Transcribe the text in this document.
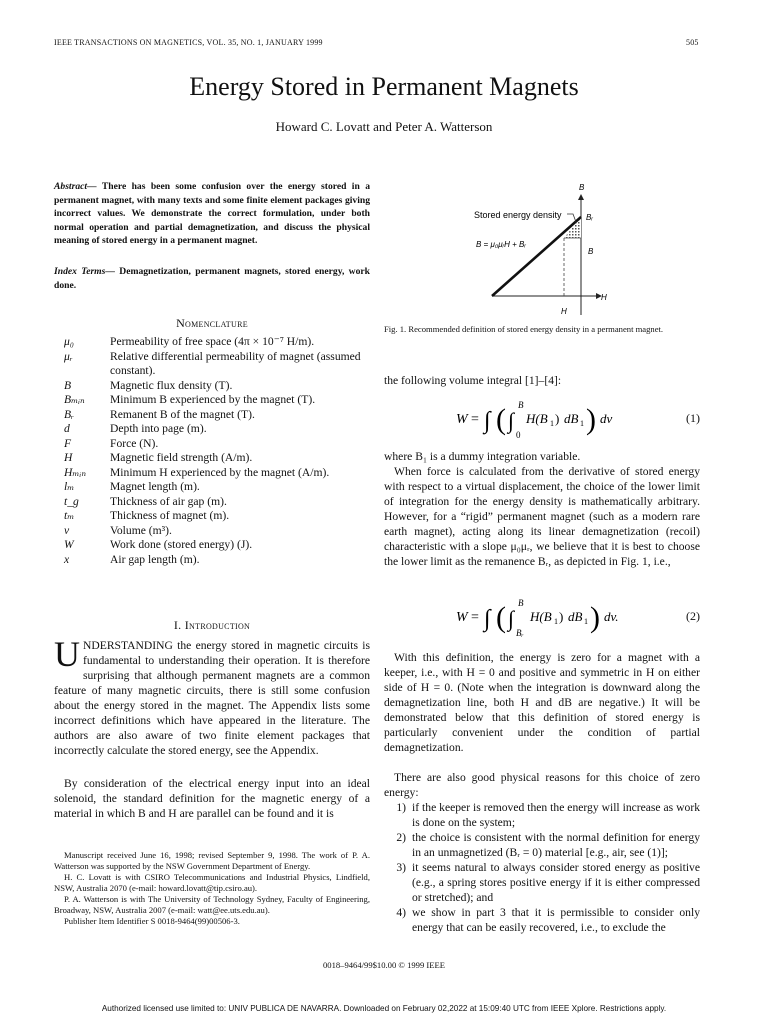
IEEE TRANSACTIONS ON MAGNETICS, VOL. 35, NO. 1, JANUARY 1999	505
Energy Stored in Permanent Magnets
Howard C. Lovatt and Peter A. Watterson
Abstract— There has been some confusion over the energy stored in a permanent magnet, with many texts and some finite element packages giving incorrect values. We demonstrate the correct formulation, under both normal operation and partial demagnetization, and discuss the physical meaning of stored energy in a permanent magnet.
Index Terms— Demagnetization, permanent magnets, stored energy, work done.
Nomenclature
μ₀	Permeability of free space (4π × 10⁻⁷ H/m).
μᵣ	Relative differential permeability of magnet (assumed constant).
B	Magnetic flux density (T).
Bₘᵢₙ	Minimum B experienced by the magnet (T).
Bᵣ	Remanent B of the magnet (T).
d	Depth into page (m).
F	Force (N).
H	Magnetic field strength (A/m).
Hₘᵢₙ	Minimum H experienced by the magnet (A/m).
lₘ	Magnet length (m).
t_g	Thickness of air gap (m).
tₘ	Thickness of magnet (m).
v	Volume (m³).
W	Work done (stored energy) (J).
x	Air gap length (m).
I. Introduction
UNDERSTANDING the energy stored in magnetic circuits is fundamental to understanding their operation. It is therefore surprising that although permanent magnets are a common feature of many magnetic circuits, there is still some confusion about the energy stored in the magnet. The Appendix lists some incorrect definitions which have appeared in the literature. The authors are also aware of two finite element packages that incorrectly calculate the stored energy, see the Appendix.
By consideration of the electrical energy input into an ideal solenoid, the standard definition for the magnetic energy of a material in which B and H are parallel can be found and it is
Manuscript received June 16, 1998; revised September 9, 1998. The work of P. A. Watterson was supported by the NSW Government Department of Energy.
H. C. Lovatt is with CSIRO Telecommunications and Industrial Physics, Lindfield, NSW, Australia 2070 (e-mail: howard.lovatt@tip.csiro.au).
P. A. Watterson is with The University of Technology Sydney, Faculty of Engineering, Broadway, NSW, Australia 2007 (e-mail: watt@ee.uts.edu.au).
Publisher Item Identifier S 0018-9464(99)00506-3.
B
H
H
Bᵣ
B
Stored energy density
B = μ₀μᵣH + Bᵣ
Fig. 1. Recommended definition of stored energy density in a permanent magnet.
the following volume integral [1]–[4]:
W = ∫ ( ∫
B
0
H(B 1 ) dB 1 ) dv	(1)
where B₁ is a dummy integration variable.
When force is calculated from the derivative of stored energy with respect to a virtual displacement, the choice of the lower limit of integration for the energy density is mathematically arbitrary. However, for a “rigid” permanent magnet (such as a modern rare earth magnet), acting along its linear demagnetization (recoil) characteristic with a slope μ₀μᵣ, we believe that it is best to choose the lower limit as the remanence Bᵣ, as depicted in Fig. 1, i.e.,
W = ∫ ( ∫
B
Bᵣ
H(B 1 ) dB 1 ) dv.	(2)
With this definition, the energy is zero for a magnet with a keeper, i.e., with H = 0 and positive and symmetric in H on either side of H = 0. (Note when the integration is downward along the demagnetization line, both H and dB are negative.) It will be demonstrated below that this definition of stored energy is particularly convenient under the condition of partial demagnetization.
There are also good physical reasons for this choice of zero energy:
1) if the keeper is removed then the energy will increase as work is done on the system;
2) the choice is consistent with the normal definition for energy in an unmagnetized (Bᵣ = 0) material [e.g., air, see (1)];
3) it seems natural to always consider stored energy as positive (e.g., a spring stores positive energy if it is either compressed or stretched); and
4) we show in part 3 that it is permissible to consider only energy that can be easily recovered, i.e., to exclude the
0018–9464/99$10.00 © 1999 IEEE
Authorized licensed use limited to: UNIV PUBLICA DE NAVARRA. Downloaded on February 02,2022 at 15:09:40 UTC from IEEE Xplore. Restrictions apply.
